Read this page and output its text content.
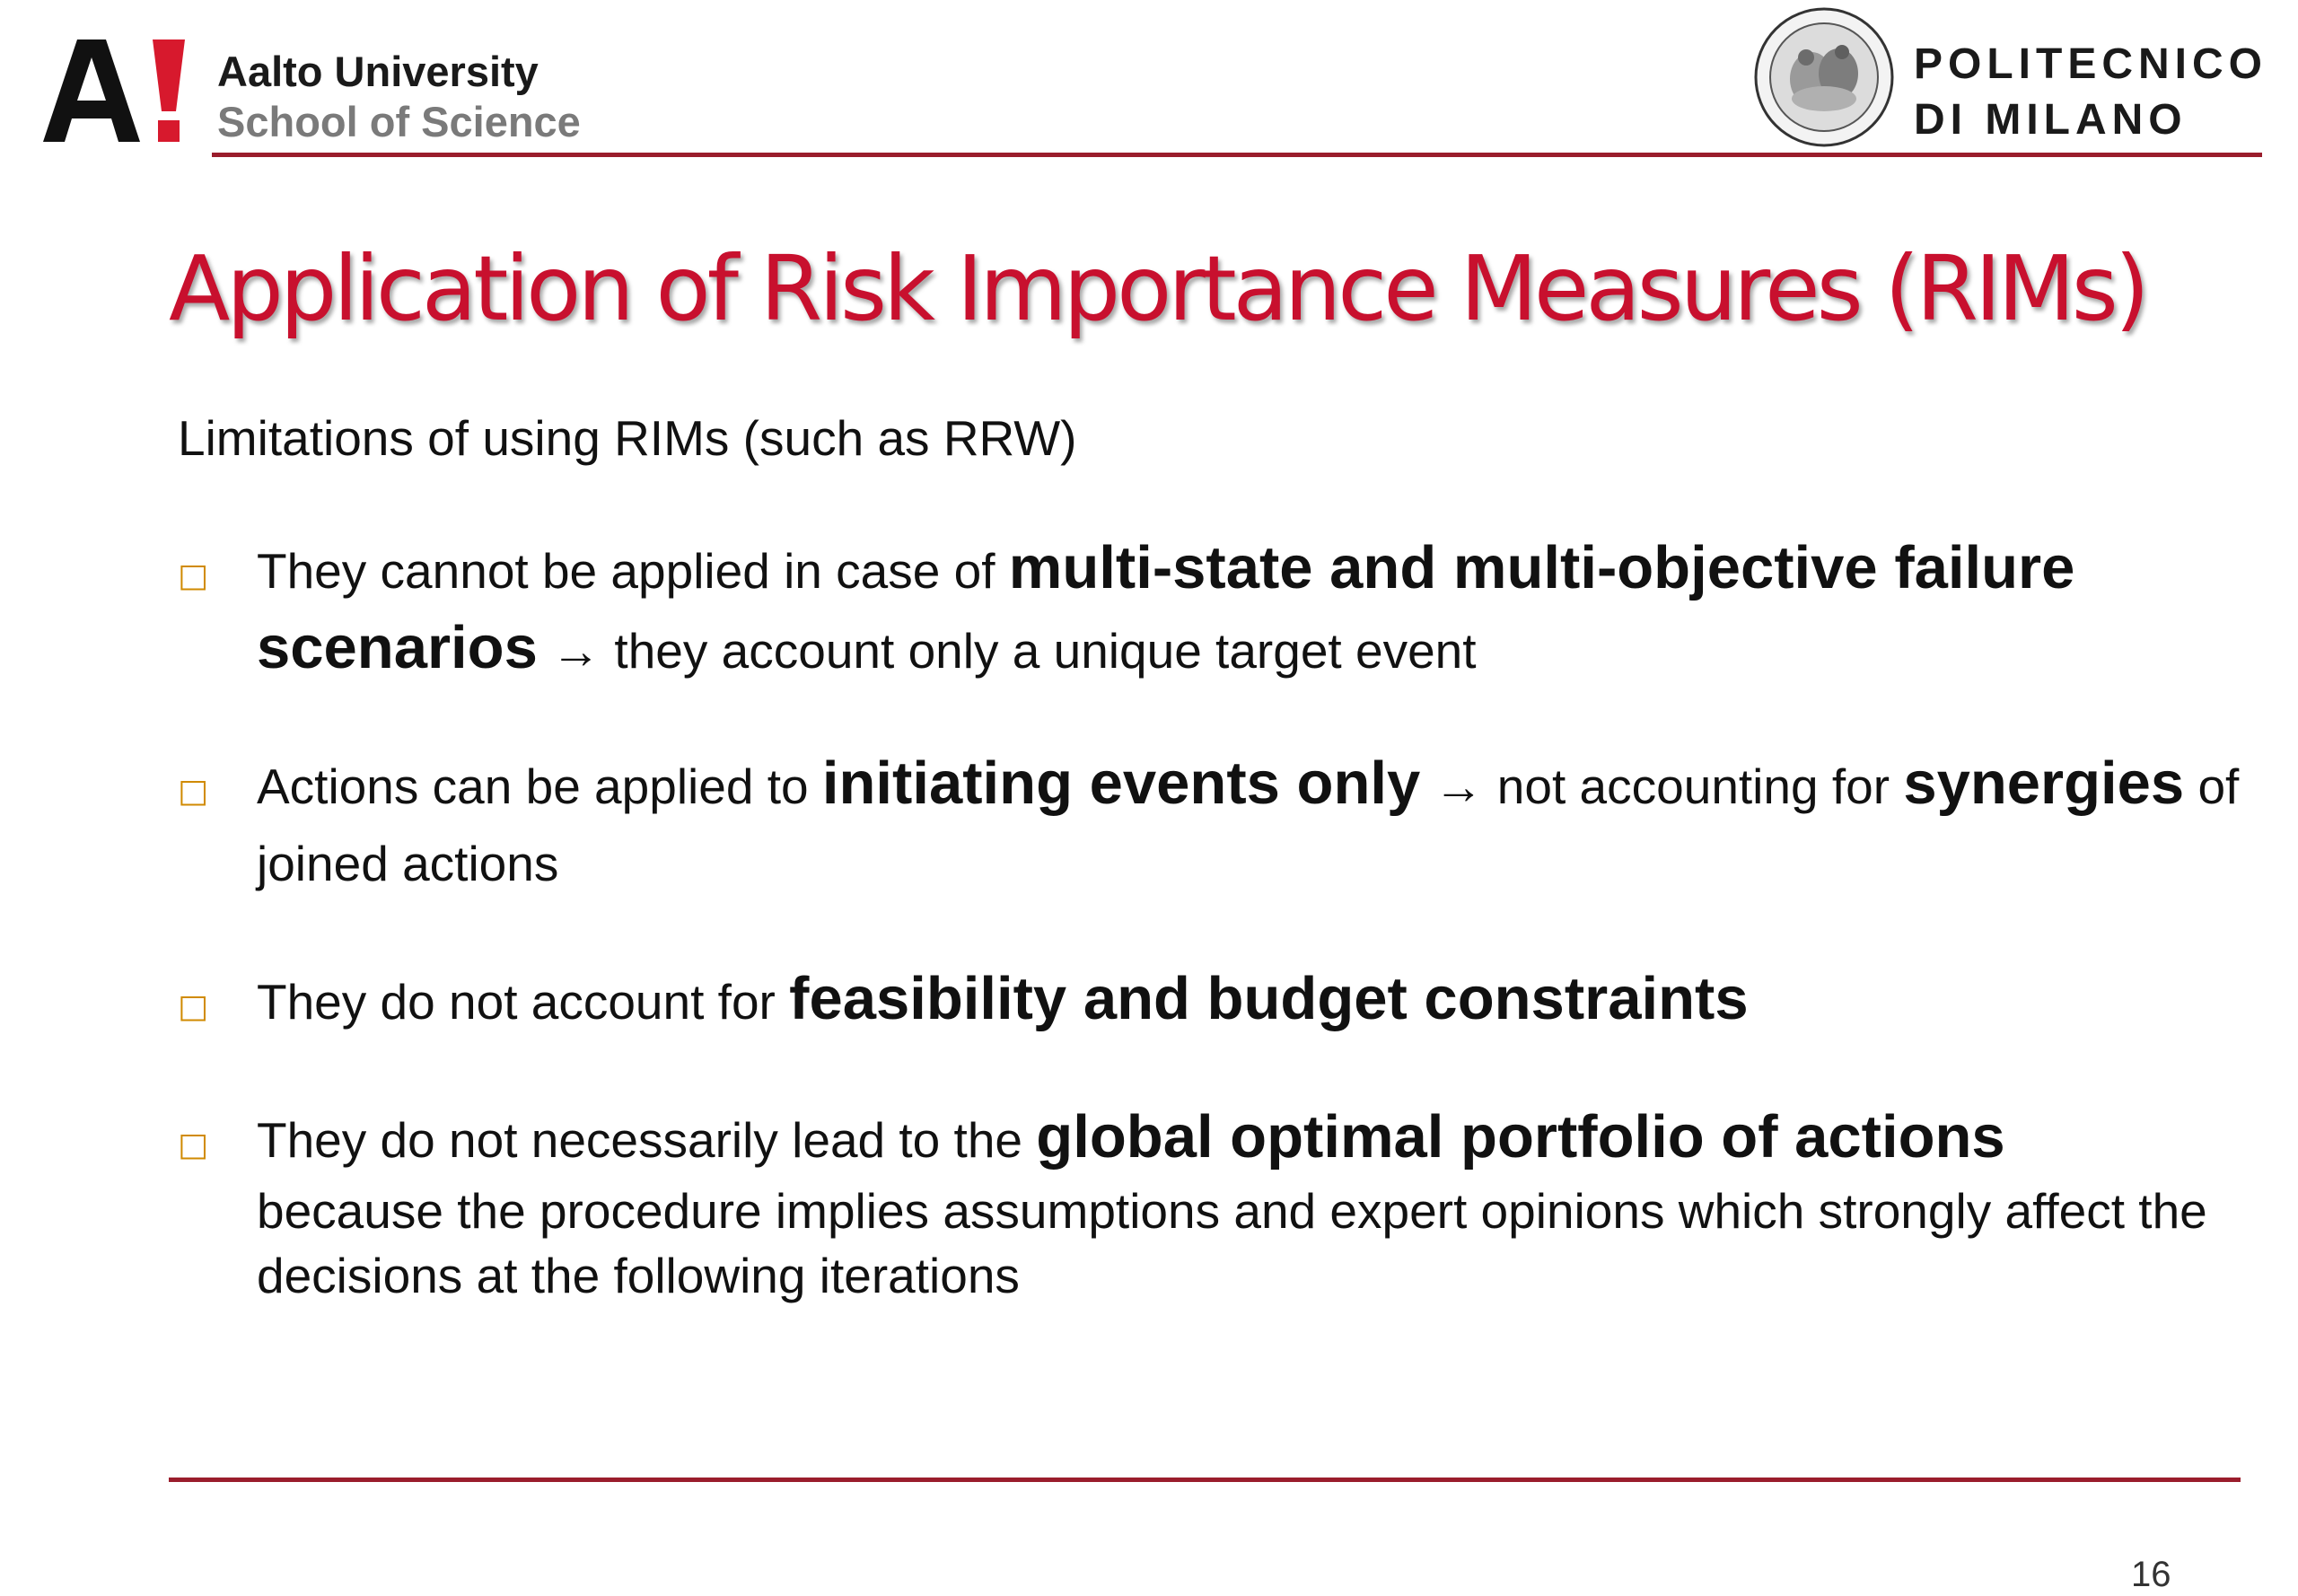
Aalto University
School of Science
POLITECNICO
DI MILANO
Application of Risk Importance Measures (RIMs)
Limitations of using RIMs (such as RRW)
□ They cannot be applied in case of multi-state and multi-objective failure scenarios → they account only a unique target event
□ Actions can be applied to initiating events only → not accounting for synergies of joined actions
□ They do not account for feasibility and budget constraints
□ They do not necessarily lead to the global optimal portfolio of actions
because the procedure implies assumptions and expert opinions which strongly affect the decisions at the following iterations
16
